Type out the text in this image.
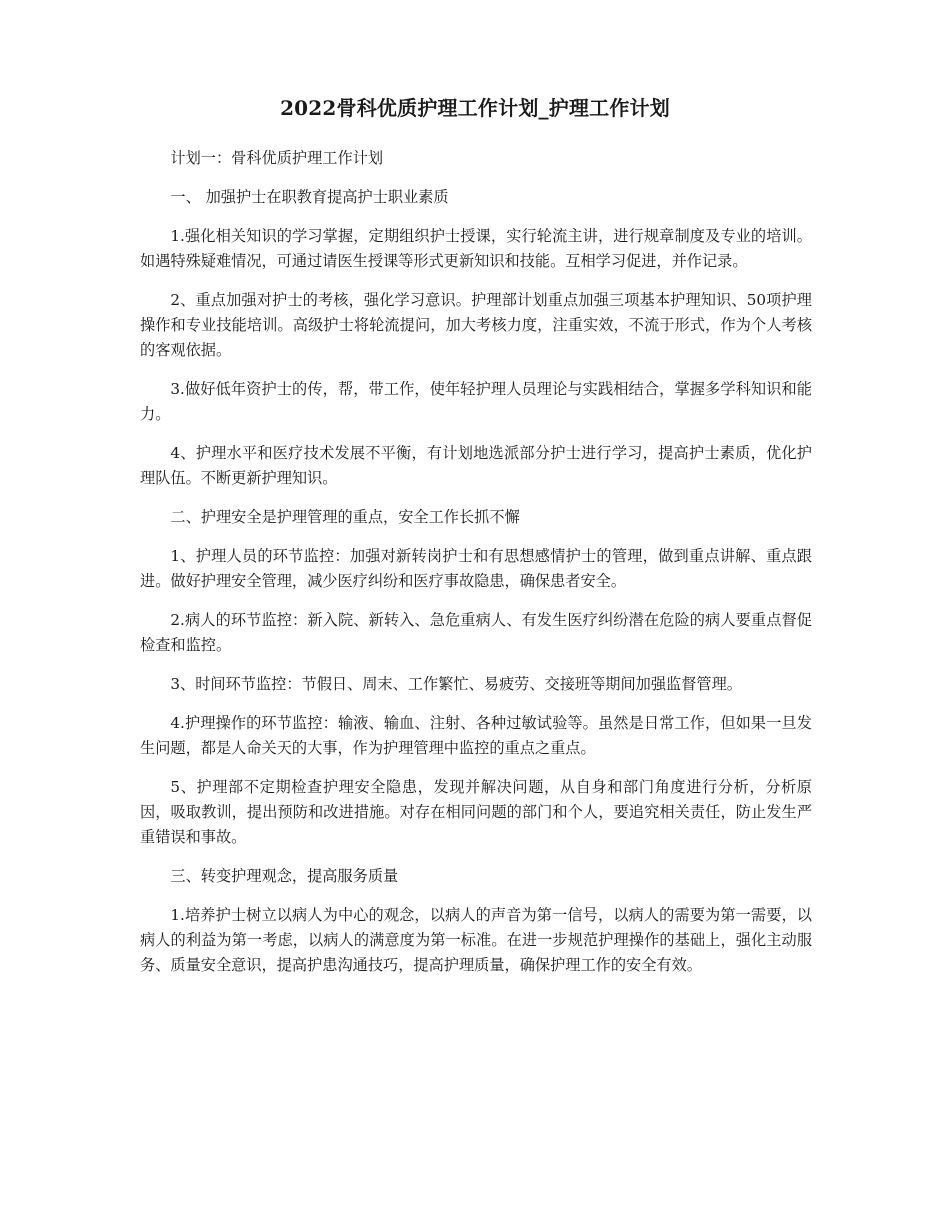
2022骨科优质护理工作计划_护理工作计划

计划一：骨科优质护理工作计划

一、 加强护士在职教育提高护士职业素质

1.强化相关知识的学习掌握，定期组织护士授课，实行轮流主讲，进行规章制度及专业的培训。如遇特殊疑难情况，可通过请医生授课等形式更新知识和技能。互相学习促进，并作记录。

2、重点加强对护士的考核，强化学习意识。护理部计划重点加强三项基本护理知识、50项护理操作和专业技能培训。高级护士将轮流提问，加大考核力度，注重实效，不流于形式，作为个人考核的客观依据。

3.做好低年资护士的传，帮，带工作，使年轻护理人员理论与实践相结合，掌握多学科知识和能力。

4、护理水平和医疗技术发展不平衡，有计划地选派部分护士进行学习，提高护士素质，优化护理队伍。不断更新护理知识。

二、护理安全是护理管理的重点，安全工作长抓不懈

1、护理人员的环节监控：加强对新转岗护士和有思想感情护士的管理，做到重点讲解、重点跟进。做好护理安全管理，减少医疗纠纷和医疗事故隐患，确保患者安全。

2.病人的环节监控：新入院、新转入、急危重病人、有发生医疗纠纷潜在危险的病人要重点督促检查和监控。

3、时间环节监控：节假日、周末、工作繁忙、易疲劳、交接班等期间加强监督管理。

4.护理操作的环节监控：输液、输血、注射、各种过敏试验等。虽然是日常工作，但如果一旦发生问题，都是人命关天的大事，作为护理管理中监控的重点之重点。

5、护理部不定期检查护理安全隐患，发现并解决问题，从自身和部门角度进行分析，分析原因，吸取教训，提出预防和改进措施。对存在相同问题的部门和个人，要追究相关责任，防止发生严重错误和事故。

三、转变护理观念，提高服务质量

1.培养护士树立以病人为中心的观念，以病人的声音为第一信号，以病人的需要为第一需要，以病人的利益为第一考虑，以病人的满意度为第一标准。在进一步规范护理操作的基础上，强化主动服务、质量安全意识，提高护患沟通技巧，提高护理质量，确保护理工作的安全有效。
